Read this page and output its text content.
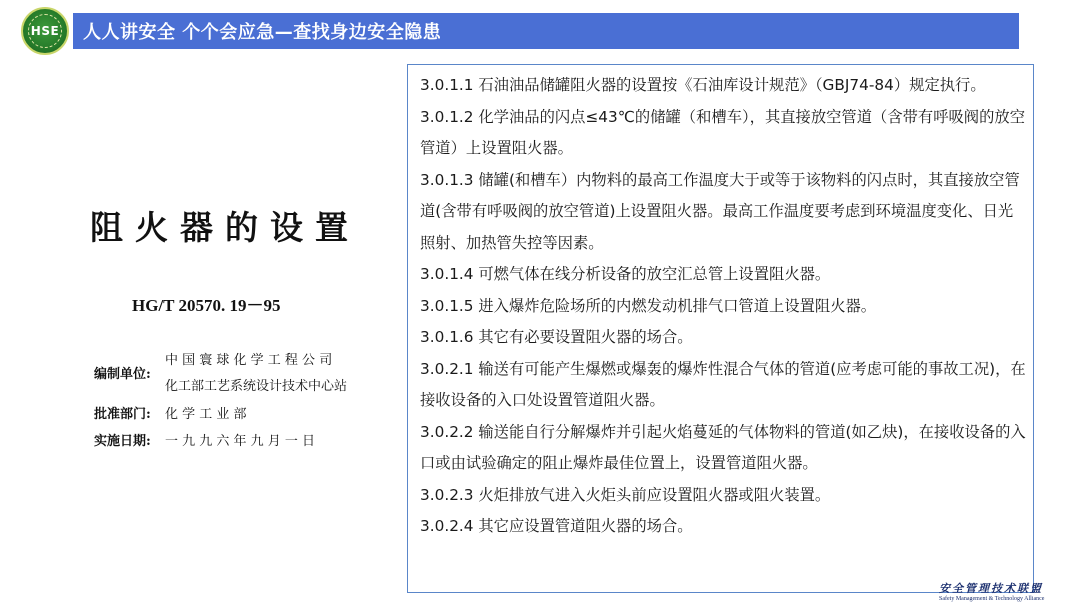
HSE	人人讲安全 个个会应急—查找身边安全隐患
阻火器的设置
HG/T 20570. 19－95
编制单位:
中 国 寰 球 化 学 工 程 公 司
化工部工艺系统设计技术中心站
批准部门: 化 学 工 业 部
实施日期: 一 九 九 六 年 九 月 一 日

3.0.1.1 石油油品储罐阻火器的设置按《石油库设计规范》（GBJ74-84）规定执行。

3.0.1.2 化学油品的闪点≤43℃的储罐（和槽车），其直接放空管道（含带有呼吸阀的放空管道）上设置阻火器。

3.0.1.3 储罐(和槽车）内物料的最高工作温度大于或等于该物料的闪点时，其直接放空管道(含带有呼吸阀的放空管道)上设置阻火器。最高工作温度要考虑到环境温度变化、日光照射、加热管失控等因素。

3.0.1.4 可燃气体在线分析设备的放空汇总管上设置阻火器。

3.0.1.5 进入爆炸危险场所的内燃发动机排气口管道上设置阻火器。

3.0.1.6 其它有必要设置阻火器的场合。

3.0.2.1 输送有可能产生爆燃或爆轰的爆炸性混合气体的管道(应考虑可能的事故工况)，在接收设备的入口处设置管道阻火器。

3.0.2.2 输送能自行分解爆炸并引起火焰蔓延的气体物料的管道(如乙炔)，在接收设备的入口或由试验确定的阻止爆炸最佳位置上，设置管道阻火器。

3.0.2.3 火炬排放气进入火炬头前应设置阻火器或阻火装置。

3.0.2.4 其它应设置管道阻火器的场合。

安全管理技术联盟
Safety Management & Technology Alliance
